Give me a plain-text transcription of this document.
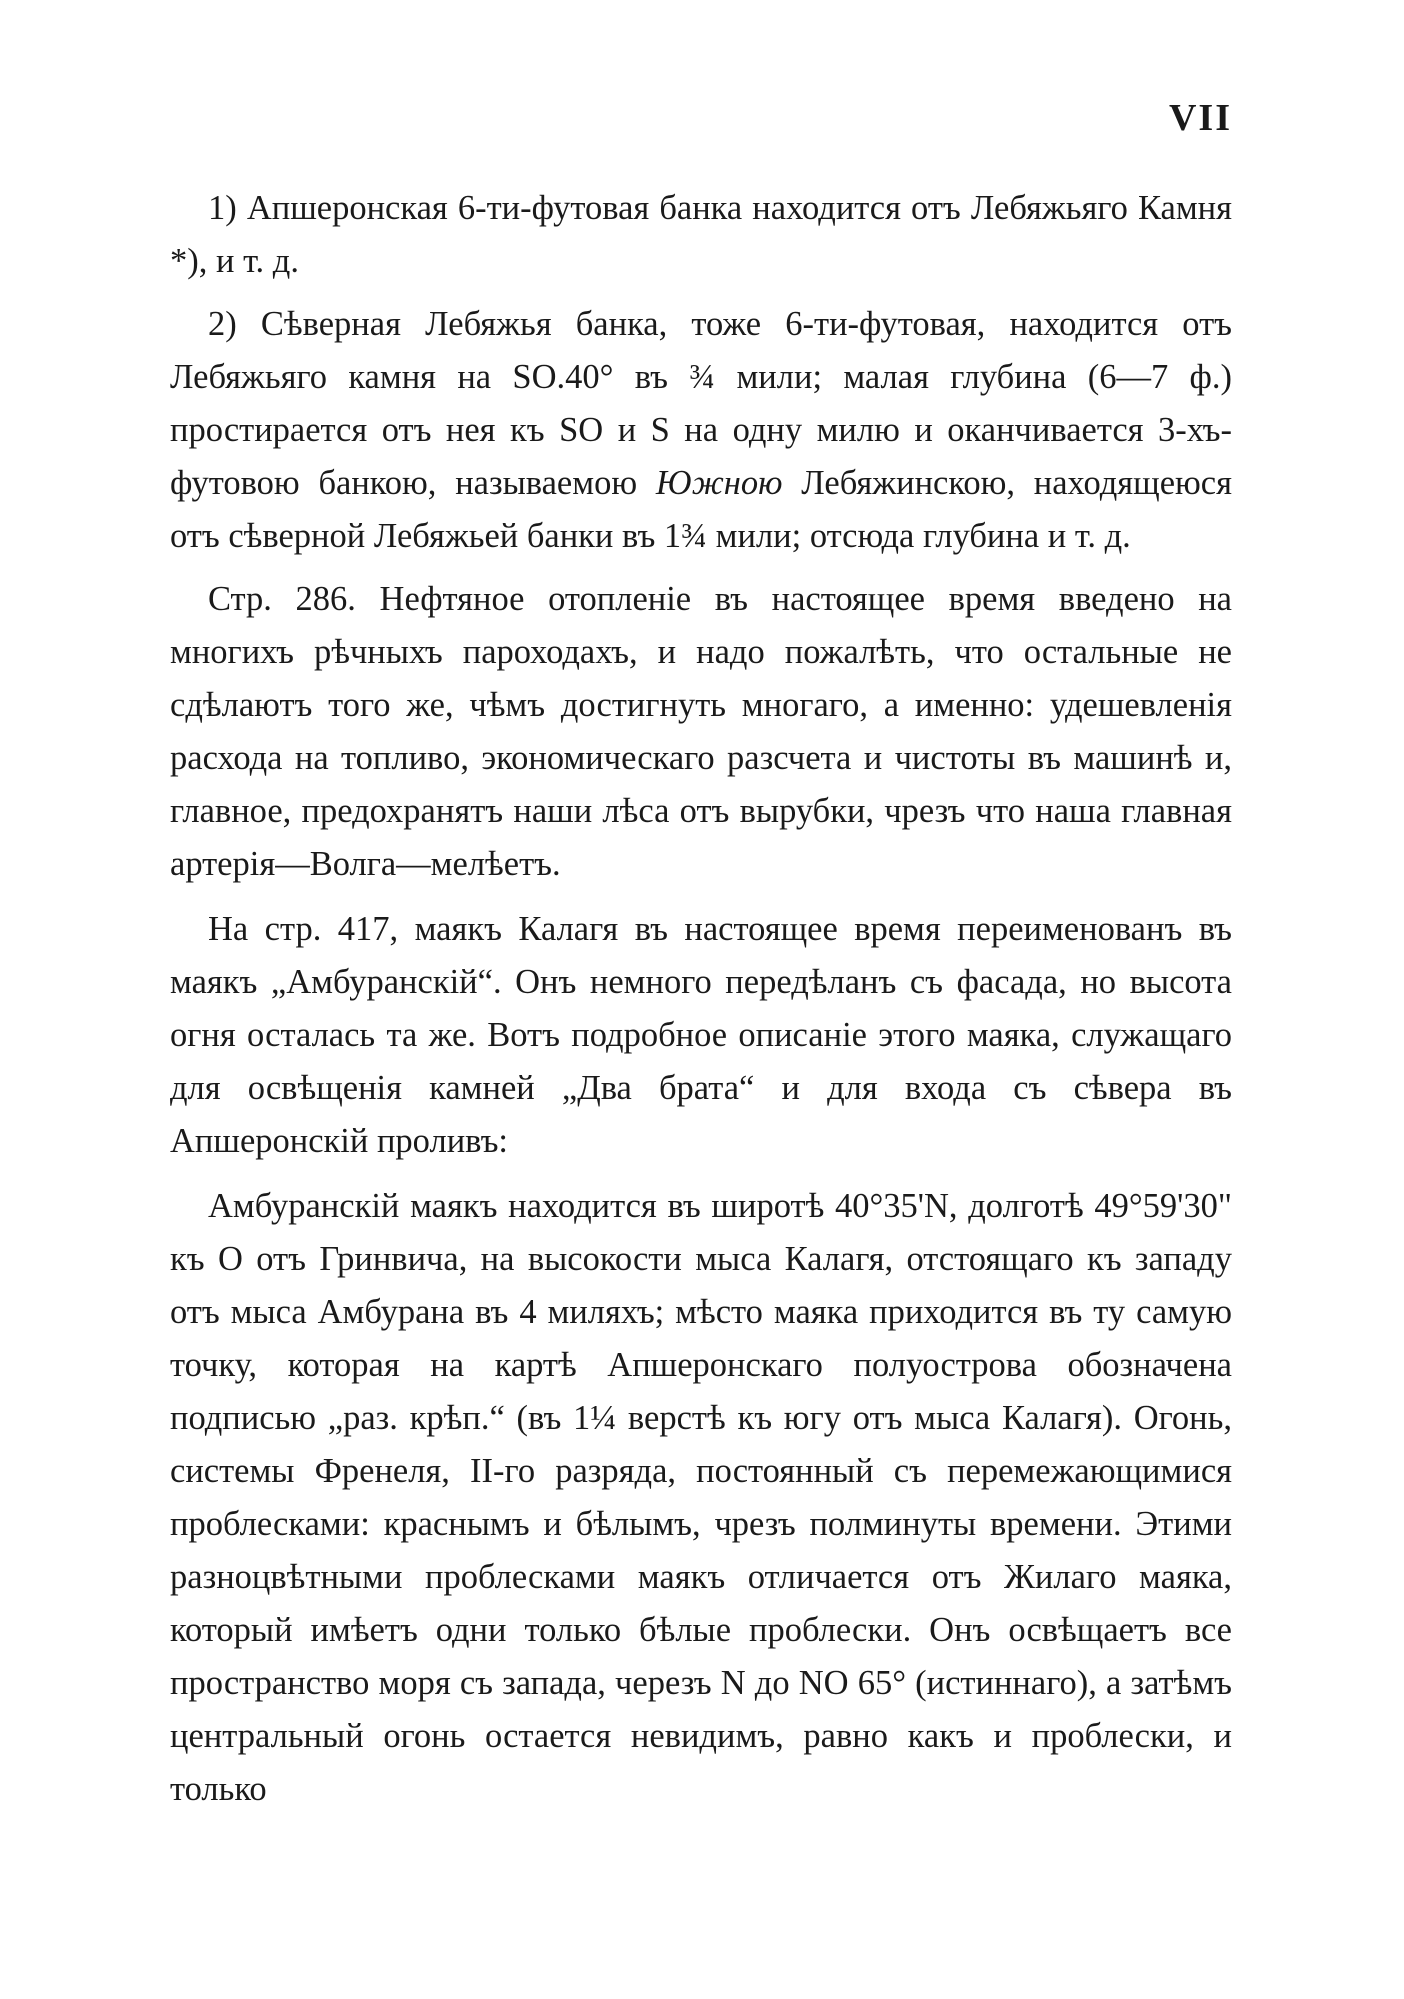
VII

1) Апшеронская 6-ти-футовая банка находится отъ Лебяжьяго Камня *), и т. д.

2) Сѣверная Лебяжья банка, тоже 6-ти-футовая, находится отъ Лебяжьяго камня на SO.40° въ ¾ мили; малая глубина (6—7 ф.) простирается отъ нея къ SO и S на одну милю и оканчивается 3-хъ-футовою банкою, называемою Южною Лебяжинскою, находящеюся отъ сѣверной Лебяжьей банки въ 1¾ мили; отсюда глубина и т. д.

Стр. 286. Нефтяное отопленіе въ настоящее время введено на многихъ рѣчныхъ пароходахъ, и надо пожалѣть, что остальные не сдѣлаютъ того же, чѣмъ достигнуть многаго, а именно: удешевленія расхода на топливо, экономическаго разсчета и чистоты въ машинѣ и, главное, предохранятъ наши лѣса отъ вырубки, чрезъ что наша главная артерія—Волга—мелѣетъ.

На стр. 417, маякъ Калагя въ настоящее время переименованъ въ маякъ „Амбуранскій“. Онъ немного передѣланъ съ фасада, но высота огня осталась та же. Вотъ подробное описаніе этого маяка, служащаго для освѣщенія камней „Два брата“ и для входа съ сѣвера въ Апшеронскій проливъ:

Амбуранскій маякъ находится въ широтѣ 40°35'N, долготѣ 49°59'30" къ O отъ Гринвича, на высокости мыса Калагя, отстоящаго къ западу отъ мыса Амбурана въ 4 миляхъ; мѣсто маяка приходится въ ту самую точку, которая на картѣ Апшеронскаго полуострова обозначена подписью „раз. крѣп.“ (въ 1¼ верстѣ къ югу отъ мыса Калагя). Огонь, системы Френеля, II-го разряда, постоянный съ перемежающимися проблесками: краснымъ и бѣлымъ, чрезъ полминуты времени. Этими разноцвѣтными проблесками маякъ отличается отъ Жилаго маяка, который имѣетъ одни только бѣлые проблески. Онъ освѣщаетъ все пространство моря съ запада, черезъ N до NO 65° (истиннаго), а затѣмъ центральный огонь остается невидимъ, равно какъ и проблески, и только
